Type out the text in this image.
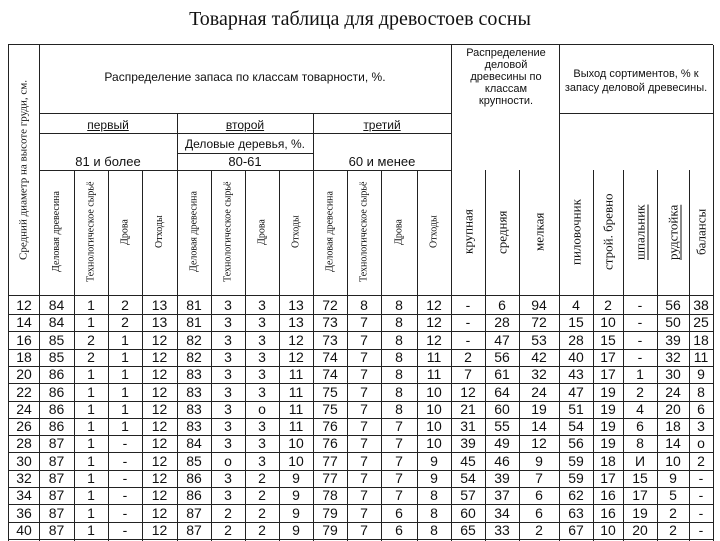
Товарная таблица для древостоев сосны
Средний диаметр на высоте груди, см.
Распределение запаса по классам товарности, %.
первый	второй	третий
Деловые деревья, %.
81 и более	80-61	60 и менее
Распределение деловой древесины по классам крупности.
Выход сортиментов, % к запасу деловой древесины.
Деловая древесина	Технологическое сырьё	Дрова	Отходы	Деловая древесина	Технологическое сырьё	Дрова	Отходы	Деловая древесина	Технологическое сырьё	Дрова	Отходы	крупная	средняя	мелкая	пиловочник	строй. бревно	шпальник	рудстойка	балансы
12	84	1	2	13	81	3	3	13	72	8	8	12	-	6	94	4	2	-	56 38
14	84	1	2	13	81	3	3	13	73	7	8	12	-	28	72	15	10	-	50 25
16	85	2	1	12	82	3	3	12	73	7	8	12	-	47	53	28	15	-	39 18
18	85	2	1	12	82	3	3	12	74	7	8	11	2	56	42	40	17	-	32 11
20	86	1	1	12	83	3	3	11	74	7	8	11	7	61	32	43	17	1	30	9
22	86	1	1	12	83	3	3	11	75	7	8	10	12	64	24	47	19	2	24	8
24	86	1	1	12	83	3	о	11	75	7	8	10	21	60	19	51	19	4	20	6
26	86	1	1	12	83	3	3	11	76	7	7	10	31	55	14	54	19	6	18	3
28	87	1	-	12	84	3	3	10	76	7	7	10	39	49	12	56	19	8	14	о
30	87	1	-	12	85	о	3	10	77	7	7	9	45	46	9	59	18	И	10	2
32	87	1	-	12	86	3	2	9	77	7	7	9	54	39	7	59	17	15	9	-
34	87	1	-	12	86	3	2	9	78	7	7	8	57	37	6	62	16	17	5	-
36	87	1	-	12	87	2	2	9	79	7	6	8	60	34	6	63	16	19	2	-
40	87	1	-	12	87	2	2	9	79	7	6	8	65	33	2	67	10	20	2	-
